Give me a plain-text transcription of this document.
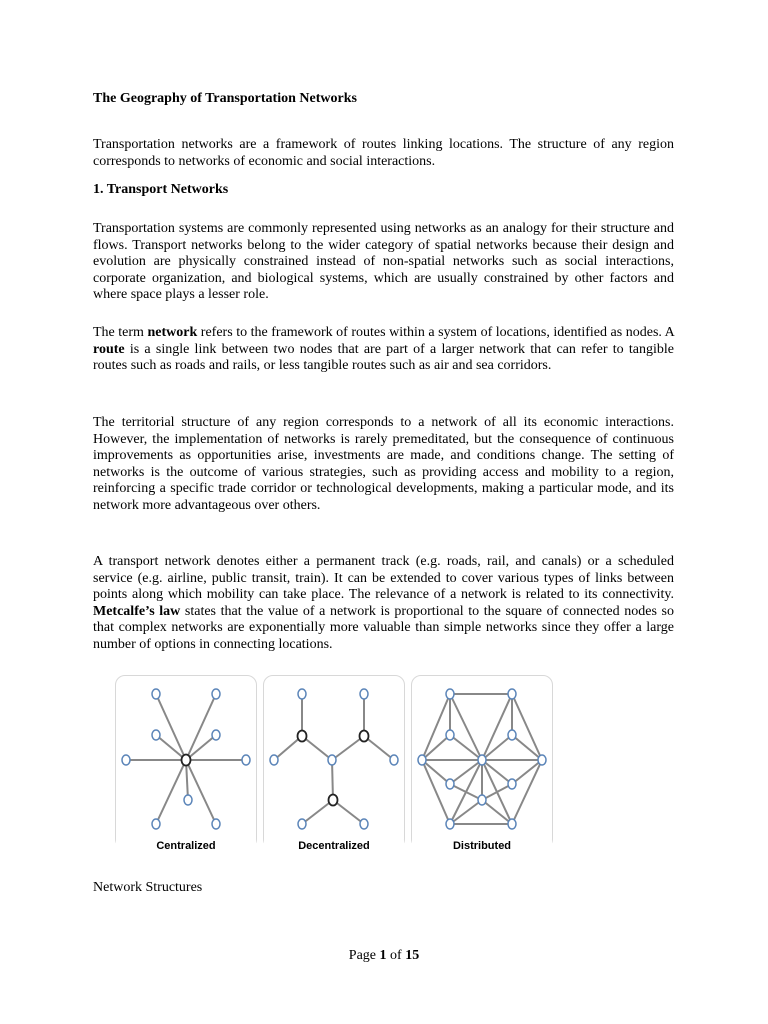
The Geography of Transportation Networks
Transportation networks are a framework of routes linking locations. The structure of any region corresponds to networks of economic and social interactions.
1. Transport Networks
Transportation systems are commonly represented using networks as an analogy for their structure and flows. Transport networks belong to the wider category of spatial networks because their design and evolution are physically constrained instead of non-spatial networks such as social interactions, corporate organization, and biological systems, which are usually constrained by other factors and where space plays a lesser role.
The term network refers to the framework of routes within a system of locations, identified as nodes. A route is a single link between two nodes that are part of a larger network that can refer to tangible routes such as roads and rails, or less tangible routes such as air and sea corridors.
The territorial structure of any region corresponds to a network of all its economic interactions. However, the implementation of networks is rarely premeditated, but the consequence of continuous improvements as opportunities arise, investments are made, and conditions change. The setting of networks is the outcome of various strategies, such as providing access and mobility to a region, reinforcing a specific trade corridor or technological developments, making a particular mode, and its network more advantageous over others.
A transport network denotes either a permanent track (e.g. roads, rail, and canals) or a scheduled service (e.g. airline, public transit, train). It can be extended to cover various types of links between points along which mobility can take place. The relevance of a network is related to its connectivity. Metcalfe’s law states that the value of a network is proportional to the square of connected nodes so that complex networks are exponentially more valuable than simple networks since they offer a large number of options in connecting locations.
Network Structures
Centralized	Decentralized	Distributed
Page 1 of 15
